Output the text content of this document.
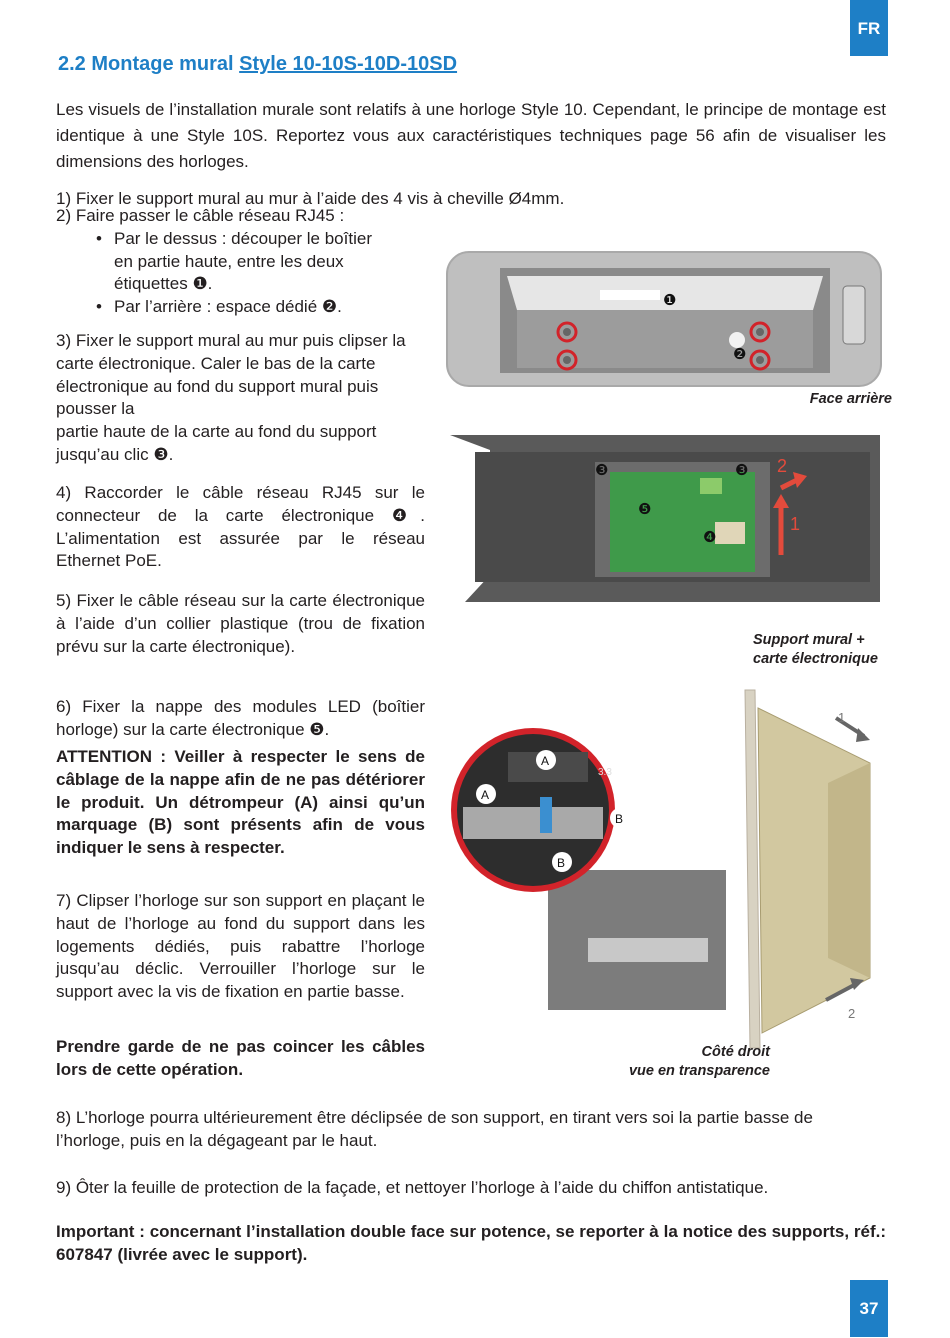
FR
2.2 Montage mural Style 10-10S-10D-10SD
Les visuels de l’installation murale sont relatifs à une horloge Style 10. Cependant, le principe de montage est identique à une Style 10S. Reportez vous aux caractéristiques techniques page 56 afin de visualiser les dimensions des horloges.
1) Fixer le support mural au mur à l’aide des 4 vis à cheville Ø4mm.
2) Faire passer le câble réseau RJ45 :
• Par le dessus : découper le boîtier en partie haute, entre les deux étiquettes ❶.
• Par l’arrière : espace dédié ❷.
3) Fixer le support mural au mur puis clipser la carte électronique. Caler le bas de la carte électronique au fond du support mural puis pousser la
partie haute de la carte au fond du support jusqu’au clic ❸.
4) Raccorder le câble réseau RJ45 sur le connecteur de la carte électronique ❹. L’alimentation est assurée par le réseau Ethernet PoE.
5) Fixer le câble réseau sur la carte électronique à l’aide d’un collier plastique (trou de fixation prévu sur la carte électronique).
6) Fixer la nappe des modules LED (boîtier horloge) sur la carte électronique ❺.
ATTENTION : Veiller à respecter le sens de câblage de la nappe afin de ne pas détériorer le produit. Un détrompeur (A) ainsi qu’un marquage (B) sont présents afin de vous indiquer le sens à respecter.
7) Clipser l’horloge sur son support en plaçant le haut de l’horloge au fond du support dans les logements dédiés, puis rabattre l’horloge jusqu’au déclic. Verrouiller l’horloge sur le support avec la vis de fixation en partie basse.
Prendre garde de ne pas coincer les câbles lors de cette opération.
8) L’horloge pourra ultérieurement être déclipsée de son support, en tirant vers soi la partie basse de l’horloge, puis en la dégageant par le haut.
9) Ôter la feuille de protection de la façade, et nettoyer l’horloge à l’aide du chiffon antistatique.
Important : concernant l’installation double face sur potence, se reporter à la notice des supports, réf.: 607847 (livrée avec le support).
❶
❷
Face arrière
❸	❸
❺
❹
1
2
Support mural +
carte électronique
A
A
B
B
3.3
1
2
Côté droit
vue en transparence
37
